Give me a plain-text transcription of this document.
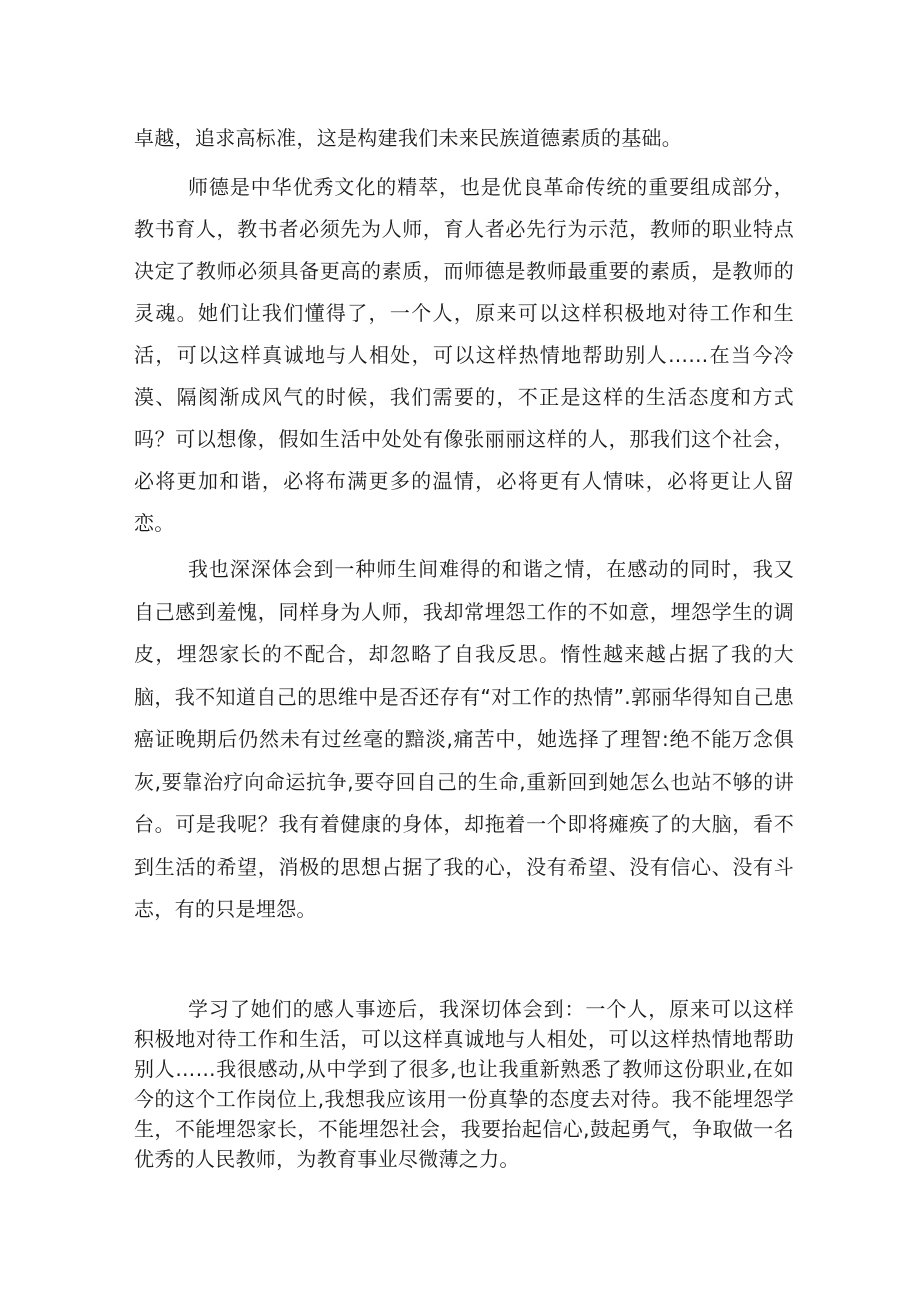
卓越，追求高标准，这是构建我们未来民族道德素质的基础。

师德是中华优秀文化的精萃，也是优良革命传统的重要组成部分，教书育人，教书者必须先为人师，育人者必先行为示范，教师的职业特点决定了教师必须具备更高的素质，而师德是教师最重要的素质，是教师的灵魂。她们让我们懂得了，一个人，原来可以这样积极地对待工作和生活，可以这样真诚地与人相处，可以这样热情地帮助别人……在当今冷漠、隔阂渐成风气的时候，我们需要的，不正是这样的生活态度和方式吗？可以想像，假如生活中处处有像张丽丽这样的人，那我们这个社会，必将更加和谐，必将布满更多的温情，必将更有人情味，必将更让人留恋。

我也深深体会到一种师生间难得的和谐之情，在感动的同时，我又自己感到羞愧，同样身为人师，我却常埋怨工作的不如意，埋怨学生的调皮，埋怨家长的不配合，却忽略了自我反思。惰性越来越占据了我的大脑，我不知道自己的思维中是否还存有“对工作的热情”.郭丽华得知自己患癌证晚期后仍然未有过丝毫的黯淡,痛苦中，她选择了理智:绝不能万念俱灰,要靠治疗向命运抗争,要夺回自己的生命,重新回到她怎么也站不够的讲台。可是我呢？我有着健康的身体，却拖着一个即将瘫痪了的大脑，看不到生活的希望，消极的思想占据了我的心，没有希望、没有信心、没有斗志，有的只是埋怨。

学习了她们的感人事迹后，我深切体会到：一个人，原来可以这样积极地对待工作和生活，可以这样真诚地与人相处，可以这样热情地帮助别人……我很感动,从中学到了很多,也让我重新熟悉了教师这份职业,在如今的这个工作岗位上,我想我应该用一份真挚的态度去对待。我不能埋怨学生，不能埋怨家长，不能埋怨社会，我要抬起信心,鼓起勇气，争取做一名优秀的人民教师，为教育事业尽微薄之力。
